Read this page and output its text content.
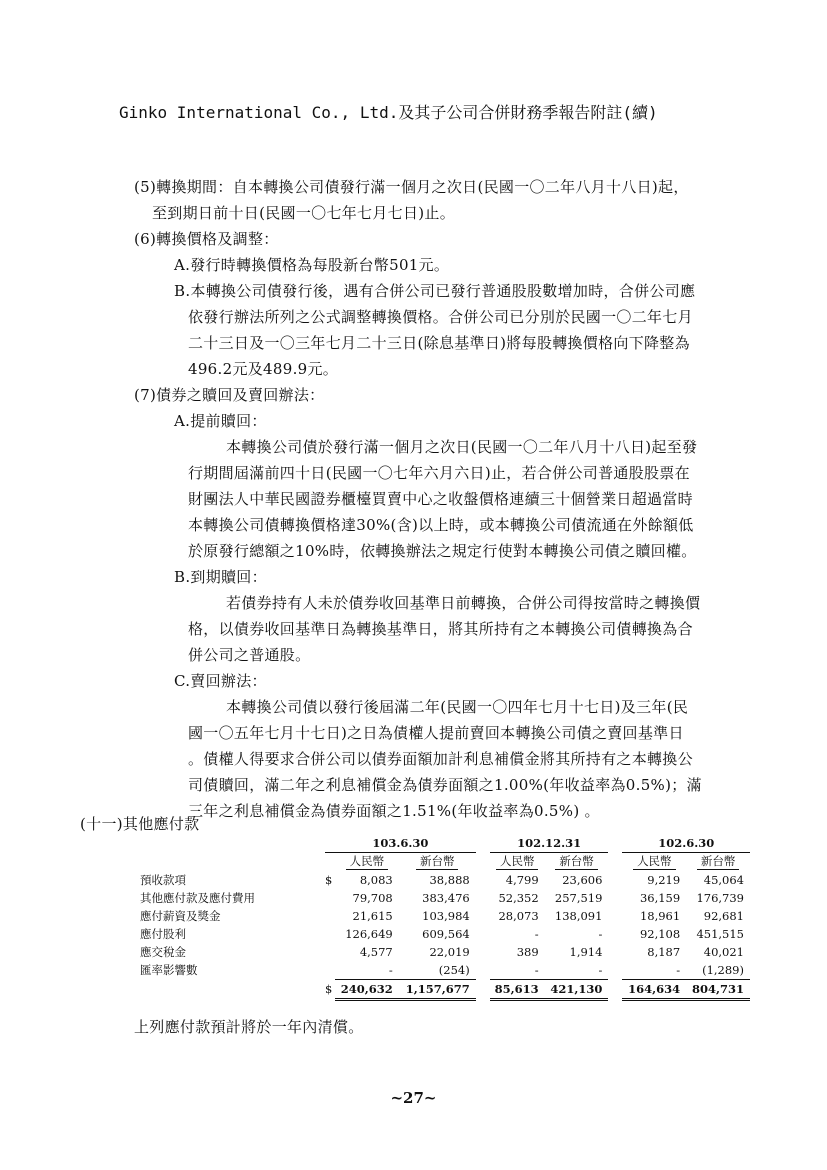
Ginko International Co., Ltd.及其子公司合併財務季報告附註(續)
(5)轉換期間：自本轉換公司債發行滿一個月之次日(民國一〇二年八月十八日)起，
至到期日前十日(民國一〇七年七月七日)止。
(6)轉換價格及調整：
A.發行時轉換價格為每股新台幣501元。
B.本轉換公司債發行後，遇有合併公司已發行普通股股數增加時，合併公司應
依發行辦法所列之公式調整轉換價格。合併公司已分別於民國一〇二年七月
二十三日及一〇三年七月二十三日(除息基準日)將每股轉換價格向下降整為
496.2元及489.9元。
(7)債券之贖回及賣回辦法：
A.提前贖回：
本轉換公司債於發行滿一個月之次日(民國一〇二年八月十八日)起至發
行期間屆滿前四十日(民國一〇七年六月六日)止，若合併公司普通股股票在
財團法人中華民國證券櫃檯買賣中心之收盤價格連續三十個營業日超過當時
本轉換公司債轉換價格達30%(含)以上時，或本轉換公司債流通在外餘額低
於原發行總額之10%時，依轉換辦法之規定行使對本轉換公司債之贖回權。
B.到期贖回：
若債券持有人未於債券收回基準日前轉換，合併公司得按當時之轉換價
格，以債券收回基準日為轉換基準日，將其所持有之本轉換公司債轉換為合
併公司之普通股。
C.賣回辦法：
本轉換公司債以發行後屆滿二年(民國一〇四年七月十七日)及三年(民
國一〇五年七月十七日)之日為債權人提前賣回本轉換公司債之賣回基準日
。債權人得要求合併公司以債券面額加計利息補償金將其所持有之本轉換公
司債贖回，滿二年之利息補償金為債券面額之1.00%(年收益率為0.5%)；滿
三年之利息補償金為債券面額之1.51%(年收益率為0.5%) 。
(十一)其他應付款
	103.6.30				102.12.31			102.6.30	
		人民幣	新台幣		人民幣	新台幣		人民幣	新台幣
預收款項	$	8,083	38,888		4,799	23,606		9,219	45,064
其他應付款及應付費用		79,708	383,476		52,352	257,519		36,159	176,739
應付薪資及獎金		21,615	103,984		28,073	138,091		18,961	92,681
應付股利		126,649	609,564		-	-		92,108	451,515
應交稅金		4,577	22,019		389	1,914		8,187	40,021
匯率影響數		-	(254)		-	-		-	(1,289)
	$	240,632	1,157,677		85,613	421,130		164,634	804,731
上列應付款預計將於一年內清償。
~27~
